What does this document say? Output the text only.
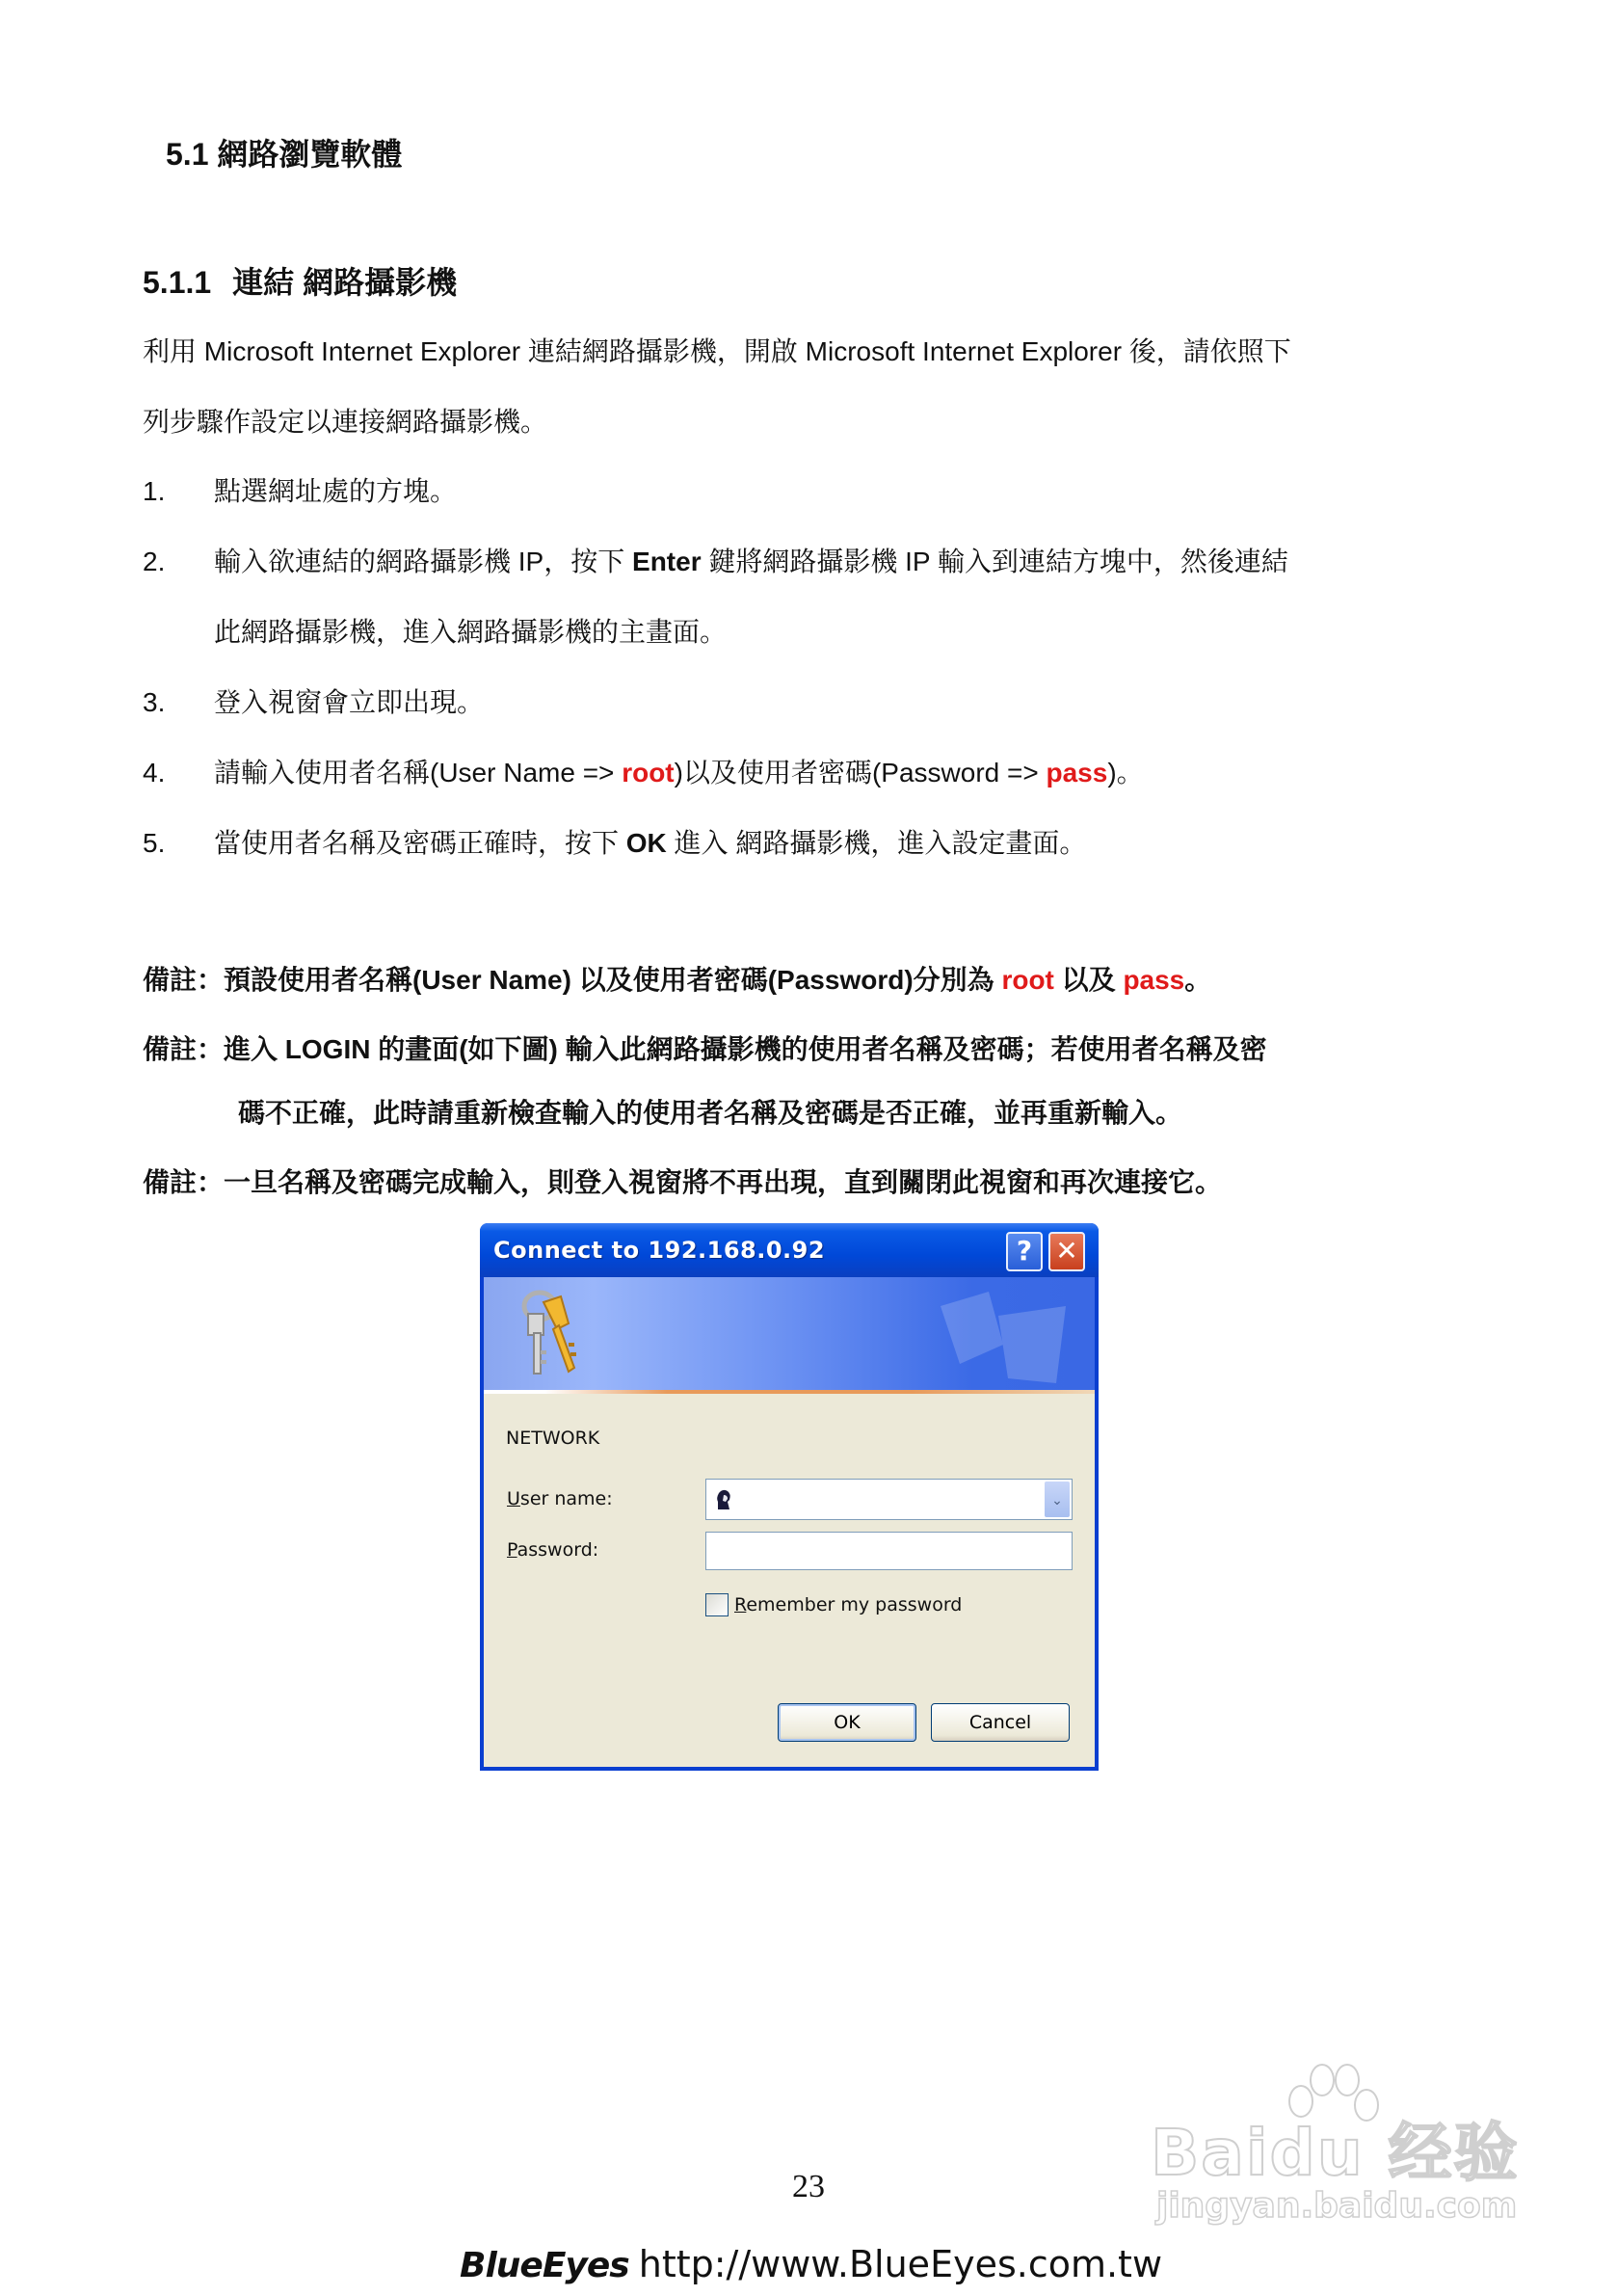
5.1 網路瀏覽軟體
5.1.1 連結 網路攝影機
利用 Microsoft Internet Explorer 連結網路攝影機，開啟 Microsoft Internet Explorer 後，請依照下
列步驟作設定以連接網路攝影機。
1. 點選網址處的方塊。
2. 輸入欲連結的網路攝影機 IP，按下 Enter 鍵將網路攝影機 IP 輸入到連結方塊中，然後連結
此網路攝影機，進入網路攝影機的主畫面。
3. 登入視窗會立即出現。
4. 請輸入使用者名稱(User Name => root)以及使用者密碼(Password => pass)。
5. 當使用者名稱及密碼正確時，按下 OK 進入 網路攝影機，進入設定畫面。
備註：預設使用者名稱(User Name) 以及使用者密碼(Password)分別為 root 以及 pass。
備註：進入 LOGIN 的畫面(如下圖) 輸入此網路攝影機的使用者名稱及密碼；若使用者名稱及密
碼不正確，此時請重新檢查輸入的使用者名稱及密碼是否正確，並再重新輸入。
備註：一旦名稱及密碼完成輸入，則登入視窗將不再出現，直到關閉此視窗和再次連接它。
Connect to 192.168.0.92	? ✕
NETWORK
User name:	⌄
Password:
Remember my password
OK	Cancel
23
BlueEyes http://www.BlueEyes.com.tw
Baidu 经验
jingyan.baidu.com
